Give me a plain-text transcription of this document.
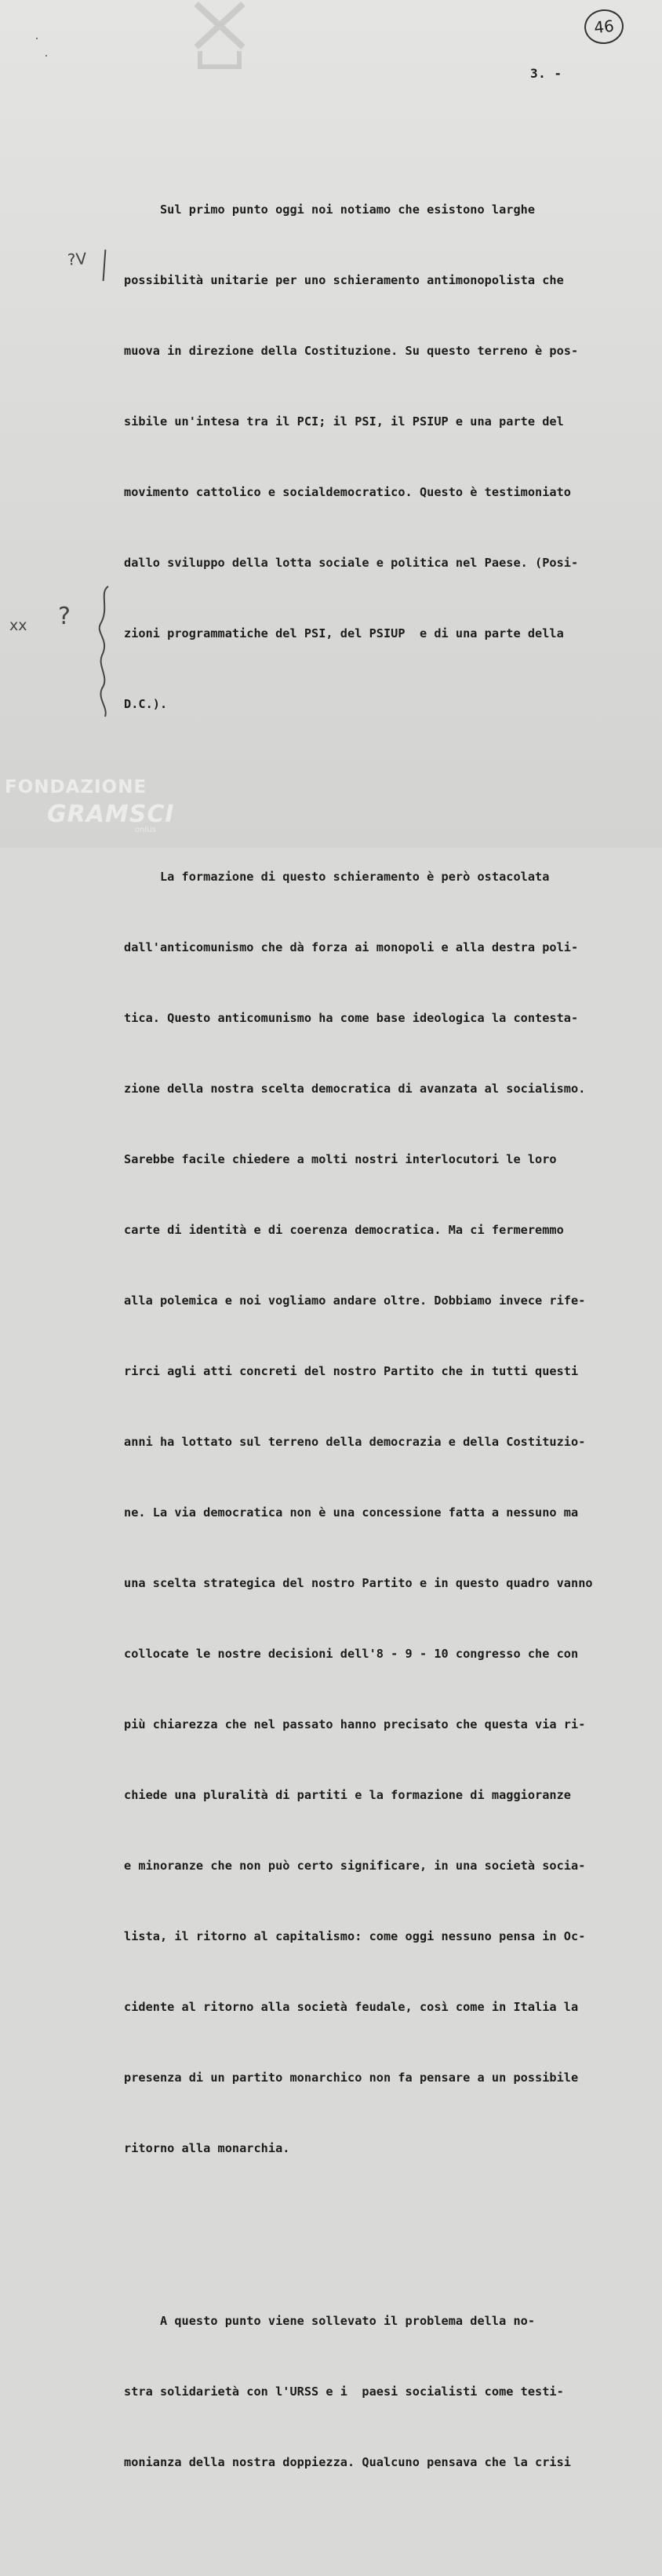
46
3. -

Sul primo punto oggi noi notiamo che esistono larghe

possibilità unitarie per uno schieramento antimonopolista che

muova in direzione della Costituzione. Su questo terreno è pos-

sibile un'intesa tra il PCI; il PSI, il PSIUP e una parte del

movimento cattolico e socialdemocratico. Questo è testimoniato

dallo sviluppo della lotta sociale e politica nel Paese. (Posi-

zioni programmatiche del PSI, del PSIUP  e di una parte della

D.C.).

La formazione di questo schieramento è però ostacolata

dall'anticomunismo che dà forza ai monopoli e alla destra poli-

tica. Questo anticomunismo ha come base ideologica la contesta-

zione della nostra scelta democratica di avanzata al socialismo.

Sarebbe facile chiedere a molti nostri interlocutori le loro

carte di identità e di coerenza democratica. Ma ci fermeremmo

alla polemica e noi vogliamo andare oltre. Dobbiamo invece rife-

rirci agli atti concreti del nostro Partito che in tutti questi

anni ha lottato sul terreno della democrazia e della Costituzio-

ne. La via democratica non è una concessione fatta a nessuno ma

una scelta strategica del nostro Partito e in questo quadro vanno

collocate le nostre decisioni dell'8 - 9 - 10 congresso che con

più chiarezza che nel passato hanno precisato che questa via ri-

chiede una pluralità di partiti e la formazione di maggioranze

e minoranze che non può certo significare, in una società socia-

lista, il ritorno al capitalismo: come oggi nessuno pensa in Oc-

cidente al ritorno alla società feudale, così come in Italia la

presenza di un partito monarchico non fa pensare a un possibile

ritorno alla monarchia.

A questo punto viene sollevato il problema della no-

stra solidarietà con l'URSS e i  paesi socialisti come testi-

monianza della nostra doppiezza. Qualcuno pensava che la crisi

?V
xx ?
FONDAZIONE
GRAMSCI
onlus
